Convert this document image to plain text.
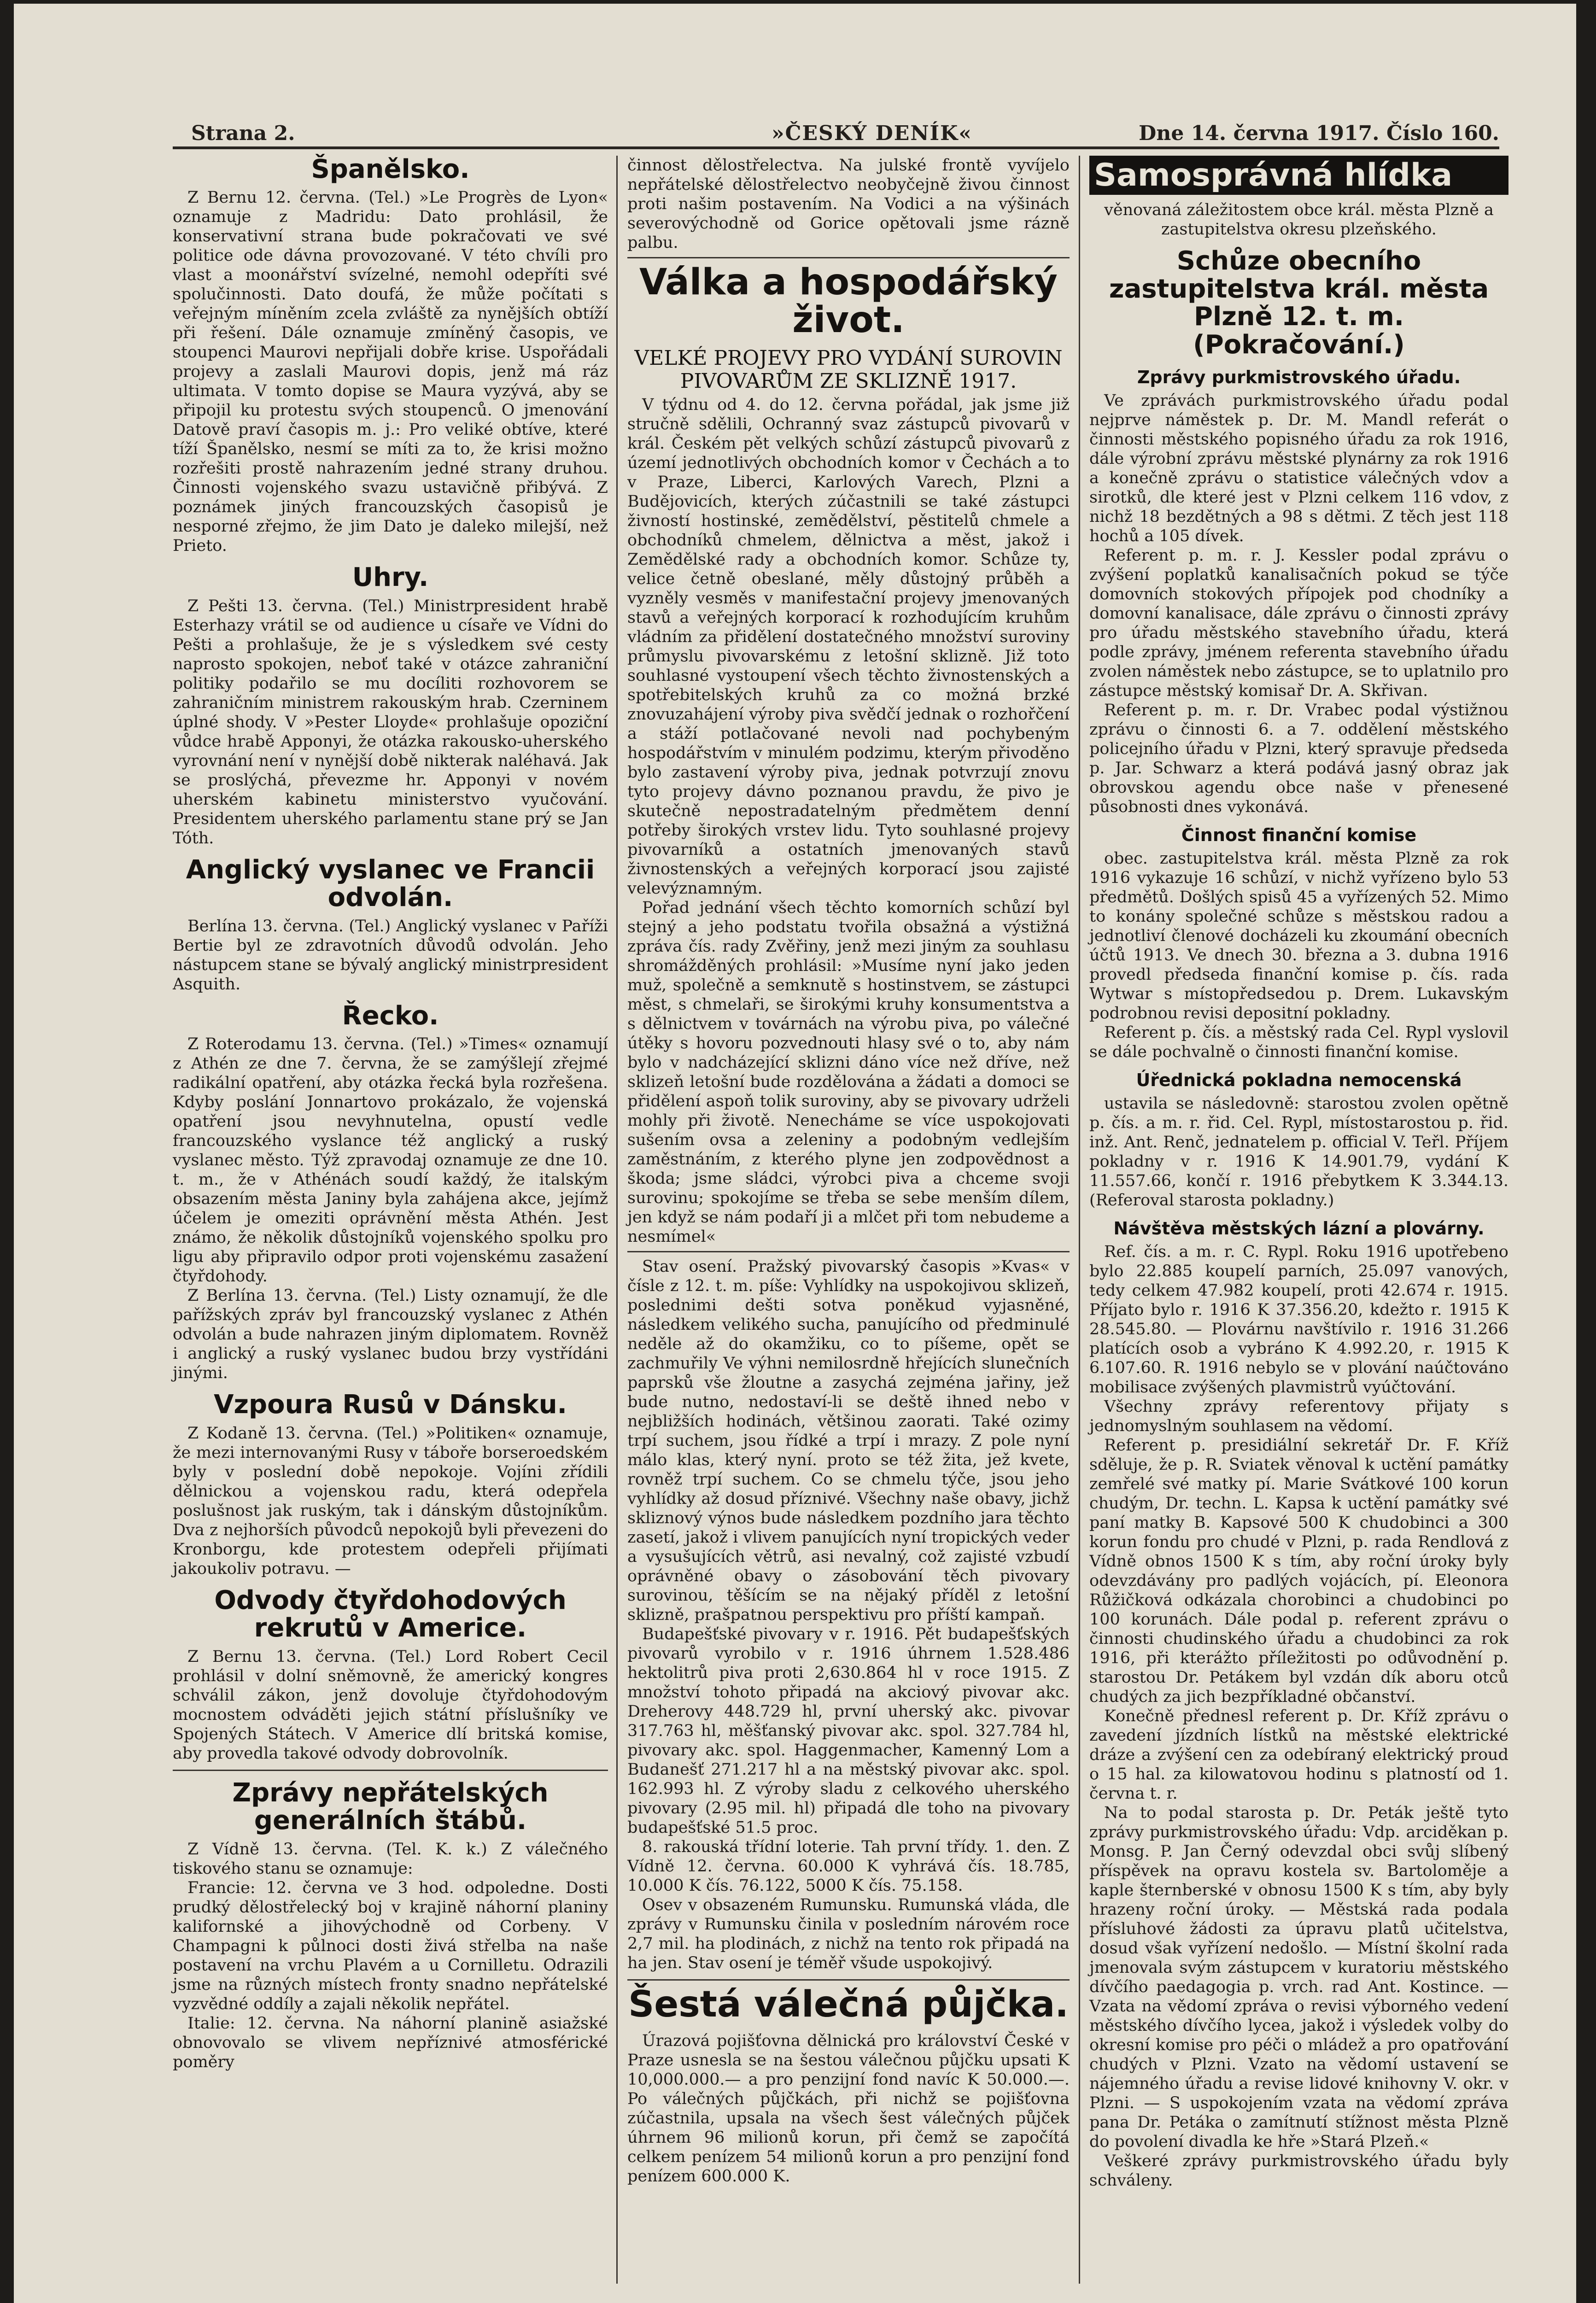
Strana 2.	»ČESKÝ DENÍK«	Dne 14. června 1917. Číslo 160.
Španělsko.

Z Bernu 12. června. (Tel.) »Le Progrès de Lyon« oznamuje z Madridu: Dato prohlásil, že konservativní strana bude pokračovati ve své politice ode dávna provozované. V této chvíli pro vlast a moonářství svízelné, nemohl odepříti své spolučinnosti. Dato doufá, že může počítati s veřejným míněním zcela zvláště za nynějších obtíží při řešení. Dále oznamuje zmíněný časopis, ve stoupenci Maurovi nepřijali dobře krise. Uspořádali projevy a zaslali Maurovi dopis, jenž má ráz ultimata. V tomto dopise se Maura vyzývá, aby se připojil ku protestu svých stoupenců. O jmenování Datově praví časopis m. j.: Pro veliké obtíve, které tíží Španělsko, nesmí se míti za to, že krisi možno rozřešiti prostě nahrazením jedné strany druhou. Činnosti vojenského svazu ustavičně přibývá. Z poznámek jiných francouzských časopisů je nesporné zřejmo, že jim Dato je daleko milejší, než Prieto.

Uhry.

Z Pešti 13. června. (Tel.) Ministrpresident hrabě Esterhazy vrátil se od audience u císaře ve Vídni do Pešti a prohlašuje, že je s výsledkem své cesty naprosto spokojen, neboť také v otázce zahraniční politiky podařilo se mu docíliti rozhovorem se zahraničním ministrem rakouským hrab. Czerninem úplné shody. V »Pester Lloyde« prohlašuje opoziční vůdce hrabě Apponyi, že otázka rakousko-uherského vyrovnání není v nynější době nikterak naléhavá. Jak se proslýchá, převezme hr. Apponyi v novém uherském kabinetu ministerstvo vyučování. Presidentem uherského parlamentu stane prý se Jan Tóth.

Anglický vyslanec ve Francii odvolán.

Berlína 13. června. (Tel.) Anglický vyslanec v Paříži Bertie byl ze zdravotních důvodů odvolán. Jeho nástupcem stane se bývalý anglický ministrpresident Asquith.

Řecko.

Z Roterodamu 13. června. (Tel.) »Times« oznamují z Athén ze dne 7. června, že se zamýšlejí zřejmé radikální opatření, aby otázka řecká byla rozřešena. Kdyby poslání Jonnartovo prokázalo, že vojenská opatření jsou nevyhnutelna, opustí vedle francouzského vyslance též anglický a ruský vyslanec město. Týž zpravodaj oznamuje ze dne 10. t. m., že v Athénách soudí každý, že italským obsazením města Janiny byla zahájena akce, jejímž účelem je omeziti oprávnění města Athén. Jest známo, že několik důstojníků vojenského spolku pro ligu aby připravilo odpor proti vojenskému zasažení čtyřdohody.

Z Berlína 13. června. (Tel.) Listy oznamují, že dle pařížských zpráv byl francouzský vyslanec z Athén odvolán a bude nahrazen jiným diplomatem. Rovněž i anglický a ruský vyslanec budou brzy vystřídáni jinými.

Vzpoura Rusů v Dánsku.

Z Kodaně 13. června. (Tel.) »Politiken« oznamuje, že mezi internovanými Rusy v táboře borseroedském byly v poslední době nepokoje. Vojíni zřídili dělnickou a vojenskou radu, která odepřela poslušnost jak ruským, tak i dánským důstojníkům. Dva z nejhorších původců nepokojů byli převezeni do Kronborgu, kde protestem odepřeli přijímati jakoukoliv potravu. —

Odvody čtyřdohodových rekrutů v Americe.

Z Bernu 13. června. (Tel.) Lord Robert Cecil prohlásil v dolní sněmovně, že americký kongres schválil zákon, jenž dovoluje čtyřdohodovým mocnostem odváděti jejich státní příslušníky ve Spojených Státech. V Americe dlí britská komise, aby provedla takové odvody dobrovolník.

Zprávy nepřátelských generálních štábů.

Z Vídně 13. června. (Tel. K. k.) Z válečného tiskového stanu se oznamuje:

Francie: 12. června ve 3 hod. odpoledne. Dosti prudký dělostřelecký boj v krajině náhorní planiny kalifornské a jihovýchodně od Corbeny. V Champagni k půlnoci dosti živá střelba na naše postavení na vrchu Plavém a u Cornilletu. Odrazili jsme na různých místech fronty snadno nepřátelské vyzvědné oddíly a zajali několik nepřátel.

Italie: 12. června. Na náhorní planině asiažské obnovovalo se vlivem nepříznivé atmosférické poměry

činnost dělostřelectva. Na julské frontě vyvíjelo nepřátelské dělostřelectvo neobyčejně živou činnost proti našim postavením. Na Vodici a na výšinách severovýchodně od Gorice opětovali jsme rázně palbu.

Válka a hospodářský život.
VELKÉ PROJEVY PRO VYDÁNÍ SUROVIN PIVOVARŮM ZE SKLIZNĚ 1917.

V týdnu od 4. do 12. června pořádal, jak jsme již stručně sdělili, Ochranný svaz zástupců pivovarů v král. Českém pět velkých schůzí zástupců pivovarů z území jednotlivých obchodních komor v Čechách a to v Praze, Liberci, Karlových Varech, Plzni a Budějovicích, kterých zúčastnili se také zástupci živností hostinské, zemědělství, pěstitelů chmele a obchodníků chmelem, dělnictva a měst, jakož i Zemědělské rady a obchodních komor. Schůze ty, velice četně obeslané, měly důstojný průběh a vyzněly vesměs v manifestační projevy jmenovaných stavů a veřejných korporací k rozhodujícím kruhům vládním za přidělení dostatečného množství suroviny průmyslu pivovarskému z letošní sklizně. Již toto souhlasné vystoupení všech těchto živnostenských a spotřebitelských kruhů za co možná brzké znovuzahájení výroby piva svědčí jednak o rozhořčení a stáží potlačované nevoli nad pochybeným hospodářstvím v minulém podzimu, kterým přivoděno bylo zastavení výroby piva, jednak potvrzují znovu tyto projevy dávno poznanou pravdu, že pivo je skutečně nepostradatelným předmětem denní potřeby širokých vrstev lidu. Tyto souhlasné projevy pivovarníků a ostatních jmenovaných stavů živnostenských a veřejných korporací jsou zajisté velevýznamným.

Pořad jednání všech těchto komorních schůzí byl stejný a jeho podstatu tvořila obsažná a výstižná zpráva čís. rady Zvěřiny, jenž mezi jiným za souhlasu shromážděných prohlásil: »Musíme nyní jako jeden muž, společně a semknutě s hostinstvem, se zástupci měst, s chmelaři, se širokými kruhy konsumentstva a s dělnictvem v továrnách na výrobu piva, po válečné útěky s hovoru pozvednouti hlasy své o to, aby nám bylo v nadcházející sklizni dáno více než dříve, než sklizeň letošní bude rozdělována a žádati a domoci se přidělení aspoň tolik suroviny, aby se pivovary udrželi mohly při životě. Nenecháme se více uspokojovati sušením ovsa a zeleniny a podobným vedlejším zaměstnáním, z kterého plyne jen zodpovědnost a škoda; jsme sládci, výrobci piva a chceme svoji surovinu; spokojíme se třeba se sebe menším dílem, jen když se nám podaří ji a mlčet při tom nebudeme a nesmímel«

Stav osení. Pražský pivovarský časopis »Kvas« v čísle z 12. t. m. píše: Vyhlídky na uspokojivou sklizeň, poslednimi dešti sotva poněkud vyjasněné, následkem velikého sucha, panujícího od předminulé neděle až do okamžiku, co to píšeme, opět se zachmuřily Ve výhni nemilosrdně hřejících slunečních paprsků vše žloutne a zasychá zejména jařiny, jež bude nutno, nedostaví-li se deště ihned nebo v nejbližších hodinách, většinou zaorati. Také ozimy trpí suchem, jsou řídké a trpí i mrazy. Z pole nyní málo klas, který nyní. proto se též žita, jež kvete, rovněž trpí suchem. Co se chmelu týče, jsou jeho vyhlídky až dosud příznivé. Všechny naše obavy, jichž skliznový výnos bude následkem pozdního jara těchto zasetí, jakož i vlivem panujících nyní tropických veder a vysušujících větrů, asi nevalný, což zajisté vzbudí oprávněné obavy o zásobování těch pivovary surovinou, těšícím se na nějaký příděl z letošní sklizně, prašpatnou perspektivu pro příští kampaň.

Budapešťské pivovary v r. 1916. Pět budapešťských pivovarů vyrobilo v r. 1916 úhrnem 1.528.486 hektolitrů piva proti 2,630.864 hl v roce 1915. Z množství tohoto připadá na akciový pivovar akc. Dreherovy 448.729 hl, první uherský akc. pivovar 317.763 hl, měšťanský pivovar akc. spol. 327.784 hl, pivovary akc. spol. Haggenmacher, Kamenný Lom a Budanešť 271.217 hl a na městský pivovar akc. spol. 162.993 hl. Z výroby sladu z celkového uherského pivovary (2.95 mil. hl) připadá dle toho na pivovary budapešťské 51.5 proc.

8. rakouská třídní loterie. Tah první třídy. 1. den. Z Vídně 12. června. 60.000 K vyhrává čís. 18.785, 10.000 K čís. 76.122, 5000 K čís. 75.158.

Osev v obsazeném Rumunsku. Rumunská vláda, dle zprávy v Rumunsku činila v posledním nárovém roce 2,7 mil. ha plodinách, z nichž na tento rok připadá na ha jen. Stav osení je téměř všude uspokojivý.

Šestá válečná půjčka.

Úrazová pojišťovna dělnická pro království České v Praze usnesla se na šestou válečnou půjčku upsati K 10,000.000.— a pro penzijní fond navíc K 50.000.—. Po válečných půjčkách, při nichž se pojišťovna zúčastnila, upsala na všech šest válečných půjček úhrnem 96 milionů korun, při čemž se započítá celkem penízem 54 milionů korun a pro penzijní fond penízem 600.000 K.

Samosprávná hlídka

věnovaná záležitostem obce král. města Plzně a zastupitelstva okresu plzeňského.

Schůze obecního zastupitelstva král. města Plzně 12. t. m. (Pokračování.)
Zprávy purkmistrovského úřadu.

Ve zprávách purkmistrovského úřadu podal nejprve náměstek p. Dr. M. Mandl referát o činnosti městského popisného úřadu za rok 1916, dále výrobní zprávu městské plynárny za rok 1916 a konečně zprávu o statistice válečných vdov a sirotků, dle které jest v Plzni celkem 116 vdov, z nichž 18 bezdětných a 98 s dětmi. Z těch jest 118 hochů a 105 dívek.

Referent p. m. r. J. Kessler podal zprávu o zvýšení poplatků kanalisačních pokud se týče domovních stokových přípojek pod chodníky a domovní kanalisace, dále zprávu o činnosti zprávy pro úřadu městského stavebního úřadu, která podle zprávy, jménem referenta stavebního úřadu zvolen náměstek nebo zástupce, se to uplatnilo pro zástupce městský komisař Dr. A. Skřivan.

Referent p. m. r. Dr. Vrabec podal výstižnou zprávu o činnosti 6. a 7. oddělení městského policejního úřadu v Plzni, který spravuje předseda p. Jar. Schwarz a která podává jasný obraz jak obrovskou agendu obce naše v přenesené působnosti dnes vykonává.

Činnost finanční komise

obec. zastupitelstva král. města Plzně za rok 1916 vykazuje 16 schůzí, v nichž vyřízeno bylo 53 předmětů. Došlých spisů 45 a vyřízených 52. Mimo to konány společné schůze s městskou radou a jednotliví členové docházeli ku zkoumání obecních účtů 1913. Ve dnech 30. března a 3. dubna 1916 provedl předseda finanční komise p. čís. rada Wytwar s místopředsedou p. Drem. Lukavským podrobnou revisi depositní pokladny.

Referent p. čís. a městský rada Cel. Rypl vyslovil se dále pochvalně o činnosti finanční komise.

Úřednická pokladna nemocenská

ustavila se následovně: starostou zvolen opětně p. čís. a m. r. řid. Cel. Rypl, místostarostou p. řid. inž. Ant. Renč, jednatelem p. official V. Teřl. Příjem pokladny v r. 1916 K 14.901.79, vydání K 11.557.66, končí r. 1916 přebytkem K 3.344.13. (Referoval starosta pokladny.)

Návštěva městských lázní a plovárny.

Ref. čís. a m. r. C. Rypl. Roku 1916 upotřebeno bylo 22.885 koupelí parních, 25.097 vanových, tedy celkem 47.982 koupelí, proti 42.674 r. 1915. Příjato bylo r. 1916 K 37.356.20, kdežto r. 1915 K 28.545.80. — Plovárnu navštívilo r. 1916 31.266 platících osob a vybráno K 4.992.20, r. 1915 K 6.107.60. R. 1916 nebylo se v plování naúčtováno mobilisace zvýšených plavmistrů vyúčtování.

Všechny zprávy referentovy přijaty s jednomyslným souhlasem na vědomí.

Referent p. presidiální sekretář Dr. F. Kříž sděluje, že p. R. Sviatek věnoval k uctění památky zemřelé své matky pí. Marie Svátkové 100 korun chudým, Dr. techn. L. Kapsa k uctění památky své paní matky B. Kapsové 500 K chudobinci a 300 korun fondu pro chudé v Plzni, p. rada Rendlová z Vídně obnos 1500 K s tím, aby roční úroky byly odevzdávány pro padlých vojácích, pí. Eleonora Růžičková odkázala chorobinci a chudobinci po 100 korunách. Dále podal p. referent zprávu o činnosti chudinského úřadu a chudobinci za rok 1916, při kterážto příležitosti po odůvodnění p. starostou Dr. Petákem byl vzdán dík aboru otců chudých za jich bezpříkladné občanství.

Konečně přednesl referent p. Dr. Kříž zprávu o zavedení jízdních lístků na městské elektrické dráze a zvýšení cen za odebíraný elektrický proud o 15 hal. za kilowatovou hodinu s platností od 1. června t. r.

Na to podal starosta p. Dr. Peták ještě tyto zprávy purkmistrovského úřadu: Vdp. arciděkan p. Monsg. P. Jan Černý odevzdal obci svůj slíbený příspěvek na opravu kostela sv. Bartoloměje a kaple šternberské v obnosu 1500 K s tím, aby byly hrazeny roční úroky. — Městská rada podala přísluhové žádosti za úpravu platů učitelstva, dosud však vyřízení nedošlo. — Místní školní rada jmenovala svým zástupcem v kuratoriu městského dívčího paedagogia p. vrch. rad Ant. Kostince. — Vzata na vědomí zpráva o revisi výborného vedení městského dívčího lycea, jakož i výsledek volby do okresní komise pro péči o mládež a pro opatřování chudých v Plzni. Vzato na vědomí ustavení se nájemného úřadu a revise lidové knihovny V. okr. v Plzni. — S uspokojením vzata na vědomí zpráva pana Dr. Petáka o zamítnutí stížnost města Plzně do povolení divadla ke hře »Stará Plzeň.«

Veškeré zprávy purkmistrovského úřadu byly schváleny.
